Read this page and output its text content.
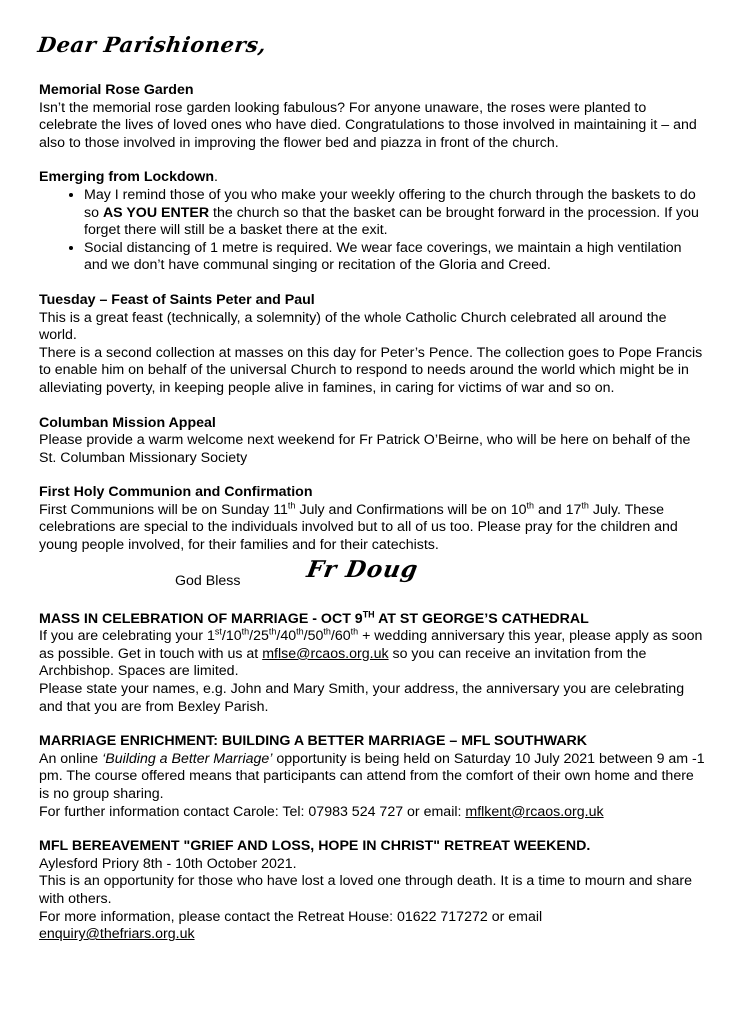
Dear Parishioners,
Memorial Rose Garden

Isn’t the memorial rose garden looking fabulous? For anyone unaware, the roses were planted to celebrate the lives of loved ones who have died. Congratulations to those involved in maintaining it – and also to those involved in improving the flower bed and piazza in front of the church.

Emerging from Lockdown.
• May I remind those of you who make your weekly offering to the church through the baskets to do so AS YOU ENTER the church so that the basket can be brought forward in the procession. If you forget there will still be a basket there at the exit.
• Social distancing of 1 metre is required. We wear face coverings, we maintain a high ventilation and we don’t have communal singing or recitation of the Gloria and Creed.
Tuesday – Feast of Saints Peter and Paul

This is a great feast (technically, a solemnity) of the whole Catholic Church celebrated all around the world.

There is a second collection at masses on this day for Peter’s Pence. The collection goes to Pope Francis to enable him on behalf of the universal Church to respond to needs around the world which might be in alleviating poverty, in keeping people alive in famines, in caring for victims of war and so on.

Columban Mission Appeal

Please provide a warm welcome next weekend for Fr Patrick O’Beirne, who will be here on behalf of the St. Columban Missionary Society

First Holy Communion and Confirmation

First Communions will be on Sunday 11th July and Confirmations will be on 10th and 17th July. These celebrations are special to the individuals involved but to all of us too. Please pray for the children and young people involved, for their families and for their catechists.

God Bless	Fr Doug
MASS IN CELEBRATION OF MARRIAGE - OCT 9TH AT ST GEORGE’S CATHEDRAL

If you are celebrating your 1st/10th/25th/40th/50th/60th + wedding anniversary this year, please apply as soon as possible. Get in touch with us at mflse@rcaos.org.uk so you can receive an invitation from the Archbishop. Spaces are limited.

Please state your names, e.g. John and Mary Smith, your address, the anniversary you are celebrating and that you are from Bexley Parish.

MARRIAGE ENRICHMENT: BUILDING A BETTER MARRIAGE – MFL SOUTHWARK

An online ‘Building a Better Marriage’ opportunity is being held on Saturday 10 July 2021 between 9 am -1 pm. The course offered means that participants can attend from the comfort of their own home and there is no group sharing.

For further information contact Carole: Tel: 07983 524 727 or email: mflkent@rcaos.org.uk

MFL BEREAVEMENT "GRIEF AND LOSS, HOPE IN CHRIST" RETREAT WEEKEND.

Aylesford Priory 8th - 10th October 2021.

This is an opportunity for those who have lost a loved one through death. It is a time to mourn and share with others.

For more information, please contact the Retreat House: 01622 717272 or email

enquiry@thefriars.org.uk
